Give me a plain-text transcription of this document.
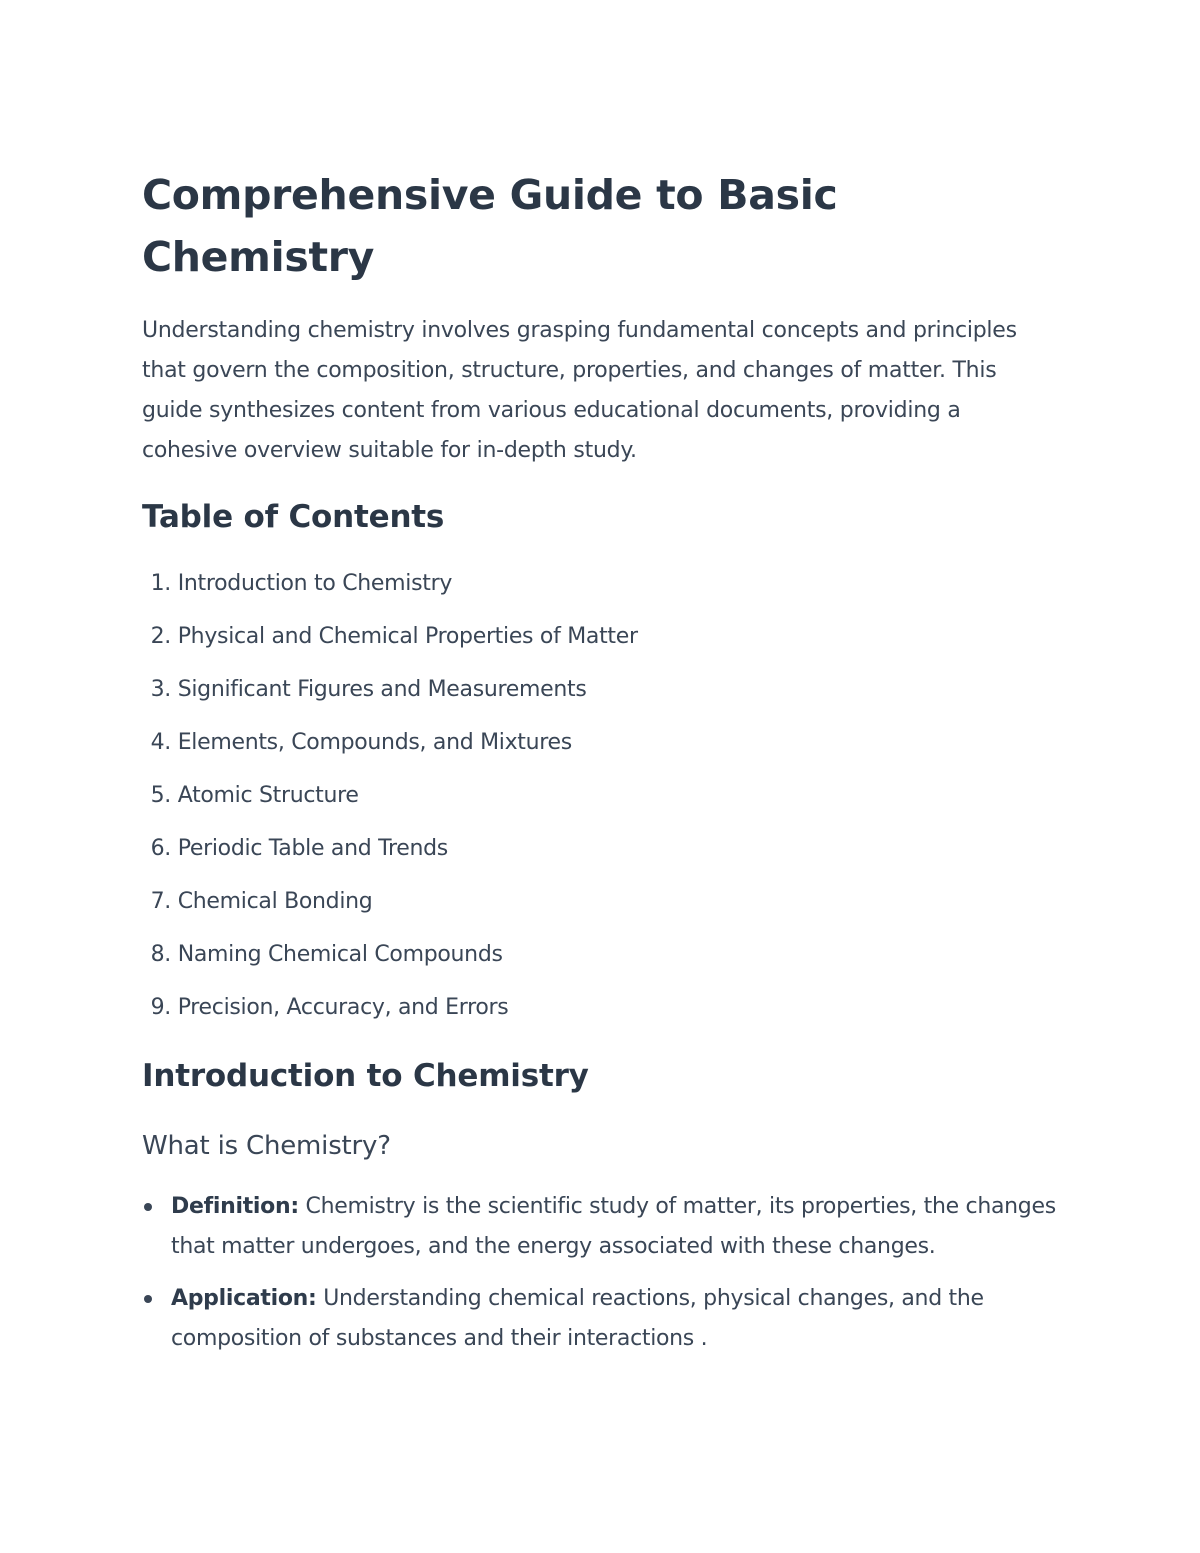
Comprehensive Guide to Basic Chemistry

Understanding chemistry involves grasping fundamental concepts and principles that govern the composition, structure, properties, and changes of matter. This guide synthesizes content from various educational documents, providing a cohesive overview suitable for in-depth study.

Table of Contents
1. Introduction to Chemistry
2. Physical and Chemical Properties of Matter
3. Significant Figures and Measurements
4. Elements, Compounds, and Mixtures
5. Atomic Structure
6. Periodic Table and Trends
7. Chemical Bonding
8. Naming Chemical Compounds
9. Precision, Accuracy, and Errors
Introduction to Chemistry
What is Chemistry?
Definition: Chemistry is the scientific study of matter, its properties, the changes that matter undergoes, and the energy associated with these changes.
Application: Understanding chemical reactions, physical changes, and the composition of substances and their interactions .
